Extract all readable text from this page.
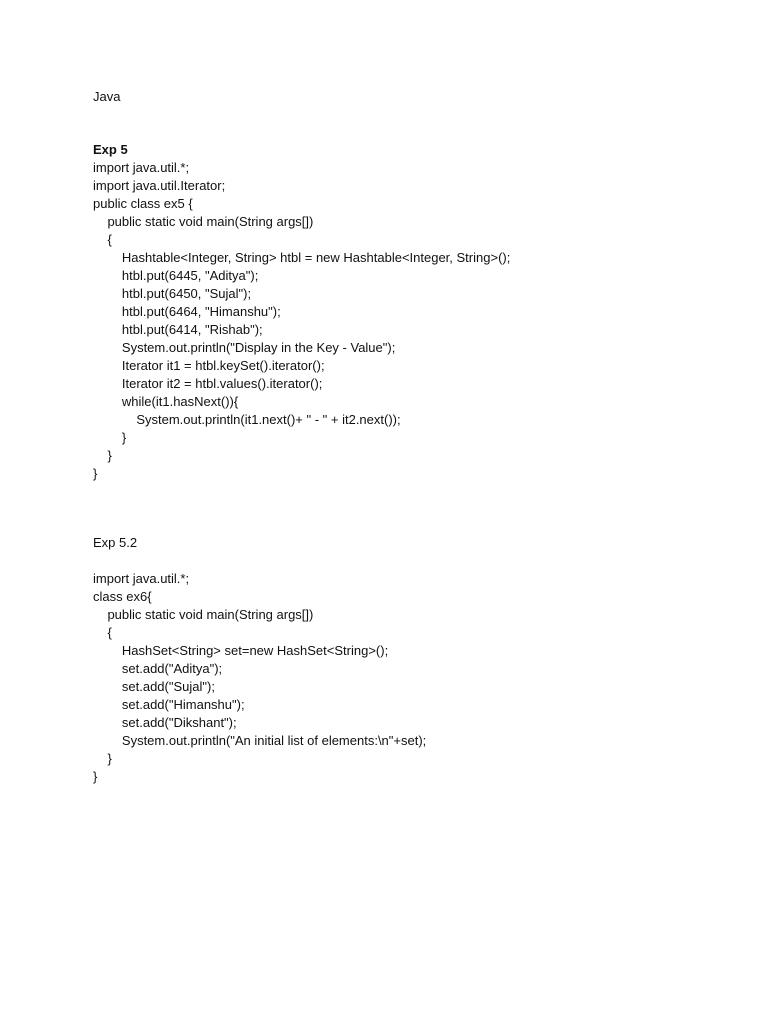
Java
Exp 5
import java.util.*;
import java.util.Iterator;
public class ex5 {
public static void main(String args[])
{
Hashtable<Integer, String> htbl = new Hashtable<Integer, String>();
htbl.put(6445, "Aditya");
htbl.put(6450, "Sujal");
htbl.put(6464, "Himanshu");
htbl.put(6414, "Rishab");
System.out.println("Display in the Key - Value");
Iterator it1 = htbl.keySet().iterator();
Iterator it2 = htbl.values().iterator();
while(it1.hasNext()){
System.out.println(it1.next()+ " - " + it2.next());
}
}
}
Exp 5.2
import java.util.*;
class ex6{
public static void main(String args[])
{
HashSet<String> set=new HashSet<String>();
set.add("Aditya");
set.add("Sujal");
set.add("Himanshu");
set.add("Dikshant");
System.out.println("An initial list of elements:\n"+set);
}
}
